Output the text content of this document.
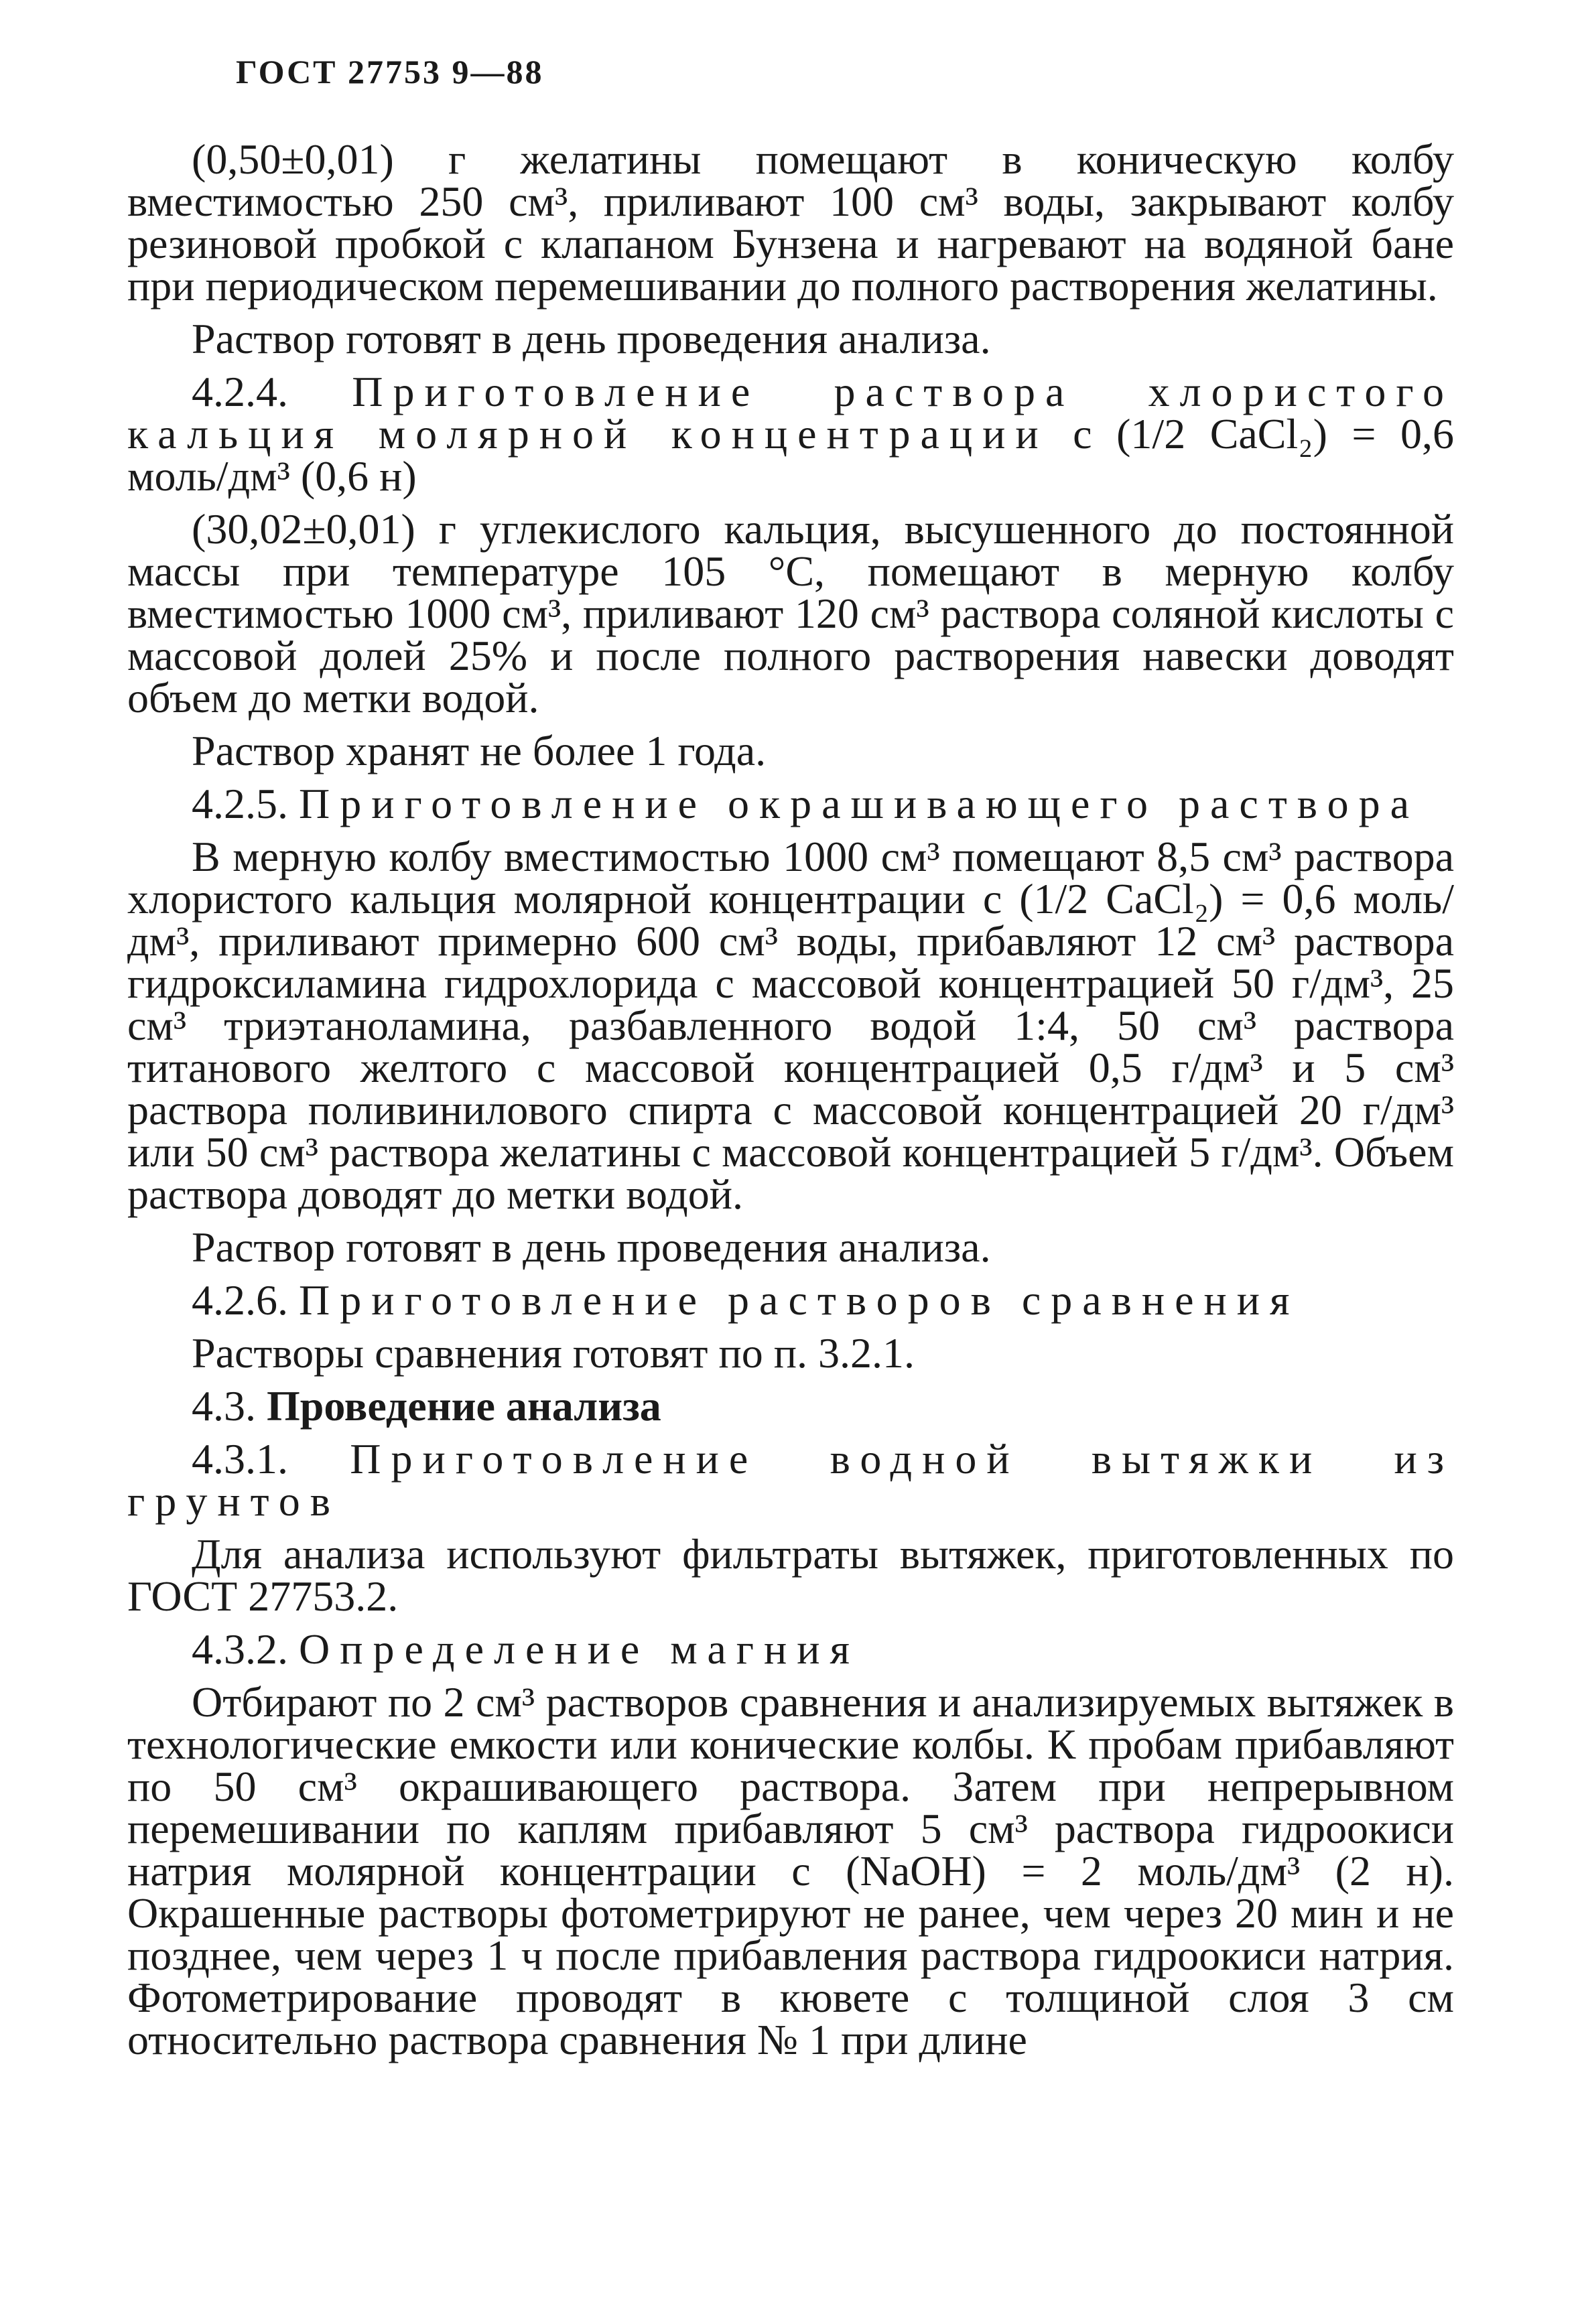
ГОСТ 27753 9—88

(0,50±0,01) г желатины помещают в коническую колбу вместимостью 250 см³, приливают 100 см³ воды, закрывают колбу резиновой пробкой с клапаном Бунзена и нагревают на водяной бане при периодическом перемешивании до полного растворения желатины.

Раствор готовят в день проведения анализа.

4.2.4. Приготовление раствора хлористого кальция молярной концентрации c (1/2 CaCl₂) = 0,6 моль/дм³ (0,6 н)

(30,02±0,01) г углекислого кальция, высушенного до постоянной массы при температуре 105 °C, помещают в мерную колбу вместимостью 1000 см³, приливают 120 см³ раствора соляной кислоты с массовой долей 25% и после полного растворения навески доводят объем до метки водой.

Раствор хранят не более 1 года.

4.2.5. Приготовление окрашивающего раствора

В мерную колбу вместимостью 1000 см³ помещают 8,5 см³ раствора хлористого кальция молярной концентрации c (1/2 CaCl₂) = 0,6 моль/дм³, приливают примерно 600 см³ воды, прибавляют 12 см³ раствора гидроксиламина гидрохлорида с массовой концентрацией 50 г/дм³, 25 см³ триэтаноламина, разбавленного водой 1:4, 50 см³ раствора титанового желтого с массовой концентрацией 0,5 г/дм³ и 5 см³ раствора поливинилового спирта с массовой концентрацией 20 г/дм³ или 50 см³ раствора желатины с массовой концентрацией 5 г/дм³. Объем раствора доводят до метки водой.

Раствор готовят в день проведения анализа.

4.2.6. Приготовление растворов сравнения

Растворы сравнения готовят по п. 3.2.1.

4.3. Проведение анализа

4.3.1. Приготовление водной вытяжки из грунтов

Для анализа используют фильтраты вытяжек, приготовленных по ГОСТ 27753.2.

4.3.2. Определение магния

Отбирают по 2 см³ растворов сравнения и анализируемых вытяжек в технологические емкости или конические колбы. К пробам прибавляют по 50 см³ окрашивающего раствора. Затем при непрерывном перемешивании по каплям прибавляют 5 см³ раствора гидроокиси натрия молярной концентрации c (NaOH) = 2 моль/дм³ (2 н). Окрашенные растворы фотометрируют не ранее, чем через 20 мин и не позднее, чем через 1 ч после прибавления раствора гидроокиси натрия. Фотометрирование проводят в кювете с толщиной слоя 3 см относительно раствора сравнения № 1 при длине
